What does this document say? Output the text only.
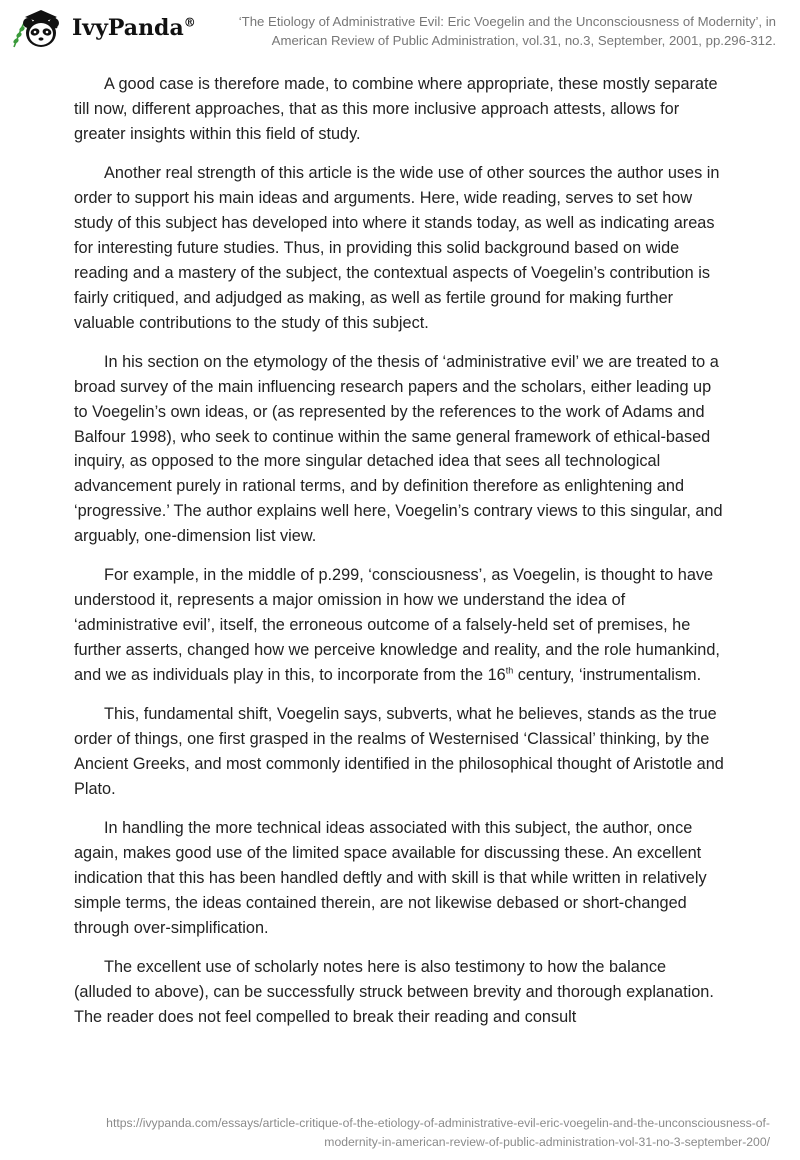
IvyPanda®	‘The Etiology of Administrative Evil: Eric Voegelin and the Unconsciousness of Modernity’, in
American Review of Public Administration, vol.31, no.3, September, 2001, pp.296-312.

A good case is therefore made, to combine where appropriate, these mostly separate till now, different approaches, that as this more inclusive approach attests, allows for greater insights within this field of study.

Another real strength of this article is the wide use of other sources the author uses in order to support his main ideas and arguments. Here, wide reading, serves to set how study of this subject has developed into where it stands today, as well as indicating areas for interesting future studies. Thus, in providing this solid background based on wide reading and a mastery of the subject, the contextual aspects of Voegelin’s contribution is fairly critiqued, and adjudged as making, as well as fertile ground for making further valuable contributions to the study of this subject.

In his section on the etymology of the thesis of ‘administrative evil’ we are treated to a broad survey of the main influencing research papers and the scholars, either leading up to Voegelin’s own ideas, or (as represented by the references to the work of Adams and Balfour 1998), who seek to continue within the same general framework of ethical-based inquiry, as opposed to the more singular detached idea that sees all technological advancement purely in rational terms, and by definition therefore as enlightening and ‘progressive.’ The author explains well here, Voegelin’s contrary views to this singular, and arguably, one-dimension list view.

For example, in the middle of p.299, ‘consciousness’, as Voegelin, is thought to have understood it, represents a major omission in how we understand the idea of ‘administrative evil’, itself, the erroneous outcome of a falsely-held set of premises, he further asserts, changed how we perceive knowledge and reality, and the role humankind, and we as individuals play in this, to incorporate from the 16th century, ‘instrumentalism.

This, fundamental shift, Voegelin says, subverts, what he believes, stands as the true order of things, one first grasped in the realms of Westernised ‘Classical’ thinking, by the Ancient Greeks, and most commonly identified in the philosophical thought of Aristotle and Plato.

In handling the more technical ideas associated with this subject, the author, once again, makes good use of the limited space available for discussing these. An excellent indication that this has been handled deftly and with skill is that while written in relatively simple terms, the ideas contained therein, are not likewise debased or short-changed through over-simplification.

The excellent use of scholarly notes here is also testimony to how the balance (alluded to above), can be successfully struck between brevity and thorough explanation. The reader does not feel compelled to break their reading and consult

https://ivypanda.com/essays/article-critique-of-the-etiology-of-administrative-evil-eric-voegelin-and-the-unconsciousness-of-
modernity-in-american-review-of-public-administration-vol-31-no-3-september-200/
